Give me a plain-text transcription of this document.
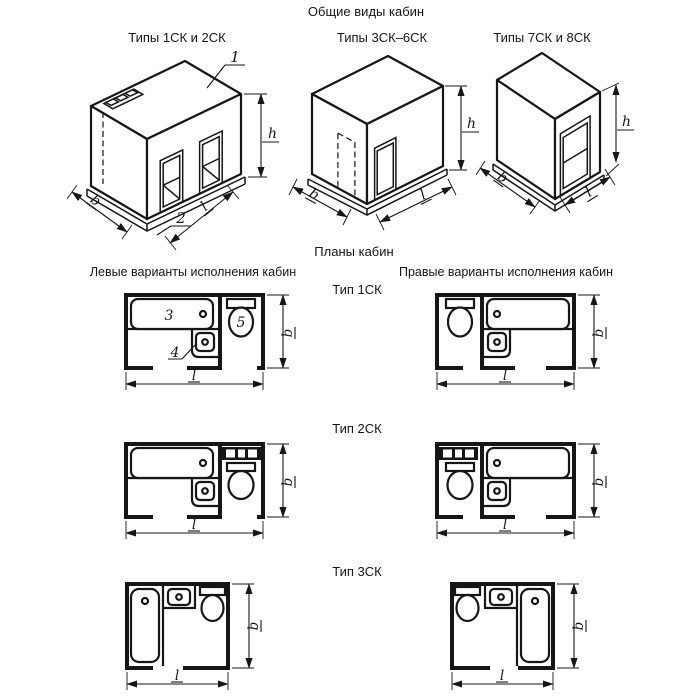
Общие виды кабин
Типы 1СК и 2СК	Типы 3СК–6СК	Типы 7СК и 8СК
Планы кабин
Левые варианты исполнения кабин	Правые варианты исполнения кабин
Тип 1СК
Тип 2СК
Тип 3СК
1
2
h
b	l
h
b	l
h
b
l
3
4
5
b
l
b
l
b
l
b
l
b
l
b
l
